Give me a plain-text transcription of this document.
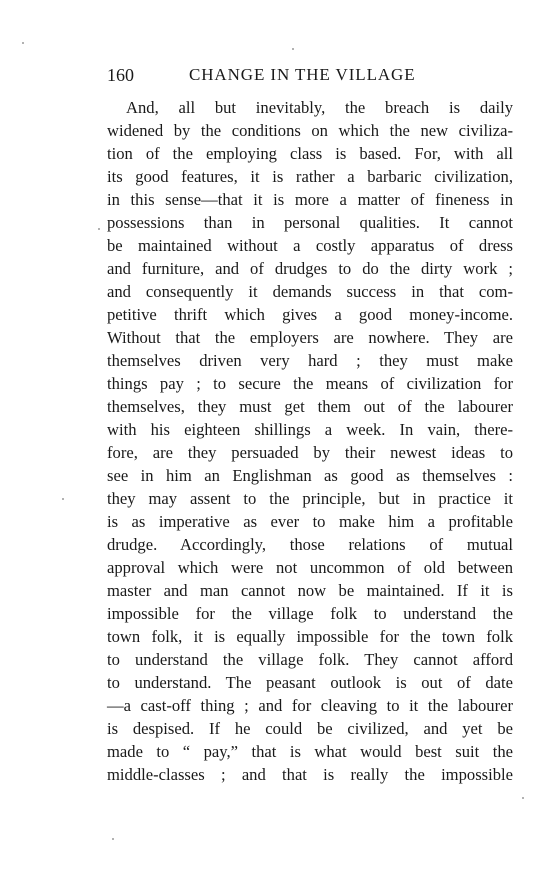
160	CHANGE IN THE VILLAGE
And, all but inevitably, the breach is daily
widened by the conditions on which the new civiliza-
tion of the employing class is based. For, with all
its good features, it is rather a barbaric civilization,
in this sense—that it is more a matter of fineness in
possessions than in personal qualities. It cannot
be maintained without a costly apparatus of dress
and furniture, and of drudges to do the dirty work ;
and consequently it demands success in that com-
petitive thrift which gives a good money-income.
Without that the employers are nowhere. They are
themselves driven very hard ; they must make
things pay ; to secure the means of civilization for
themselves, they must get them out of the labourer
with his eighteen shillings a week. In vain, there-
fore, are they persuaded by their newest ideas to
see in him an Englishman as good as themselves :
they may assent to the principle, but in practice it
is as imperative as ever to make him a profitable
drudge. Accordingly, those relations of mutual
approval which were not uncommon of old between
master and man cannot now be maintained. If it is
impossible for the village folk to understand the
town folk, it is equally impossible for the town folk
to understand the village folk. They cannot afford
to understand. The peasant outlook is out of date
—a cast-off thing ; and for cleaving to it the labourer
is despised. If he could be civilized, and yet be
made to “ pay,” that is what would best suit the
middle-classes ; and that is really the impossible
